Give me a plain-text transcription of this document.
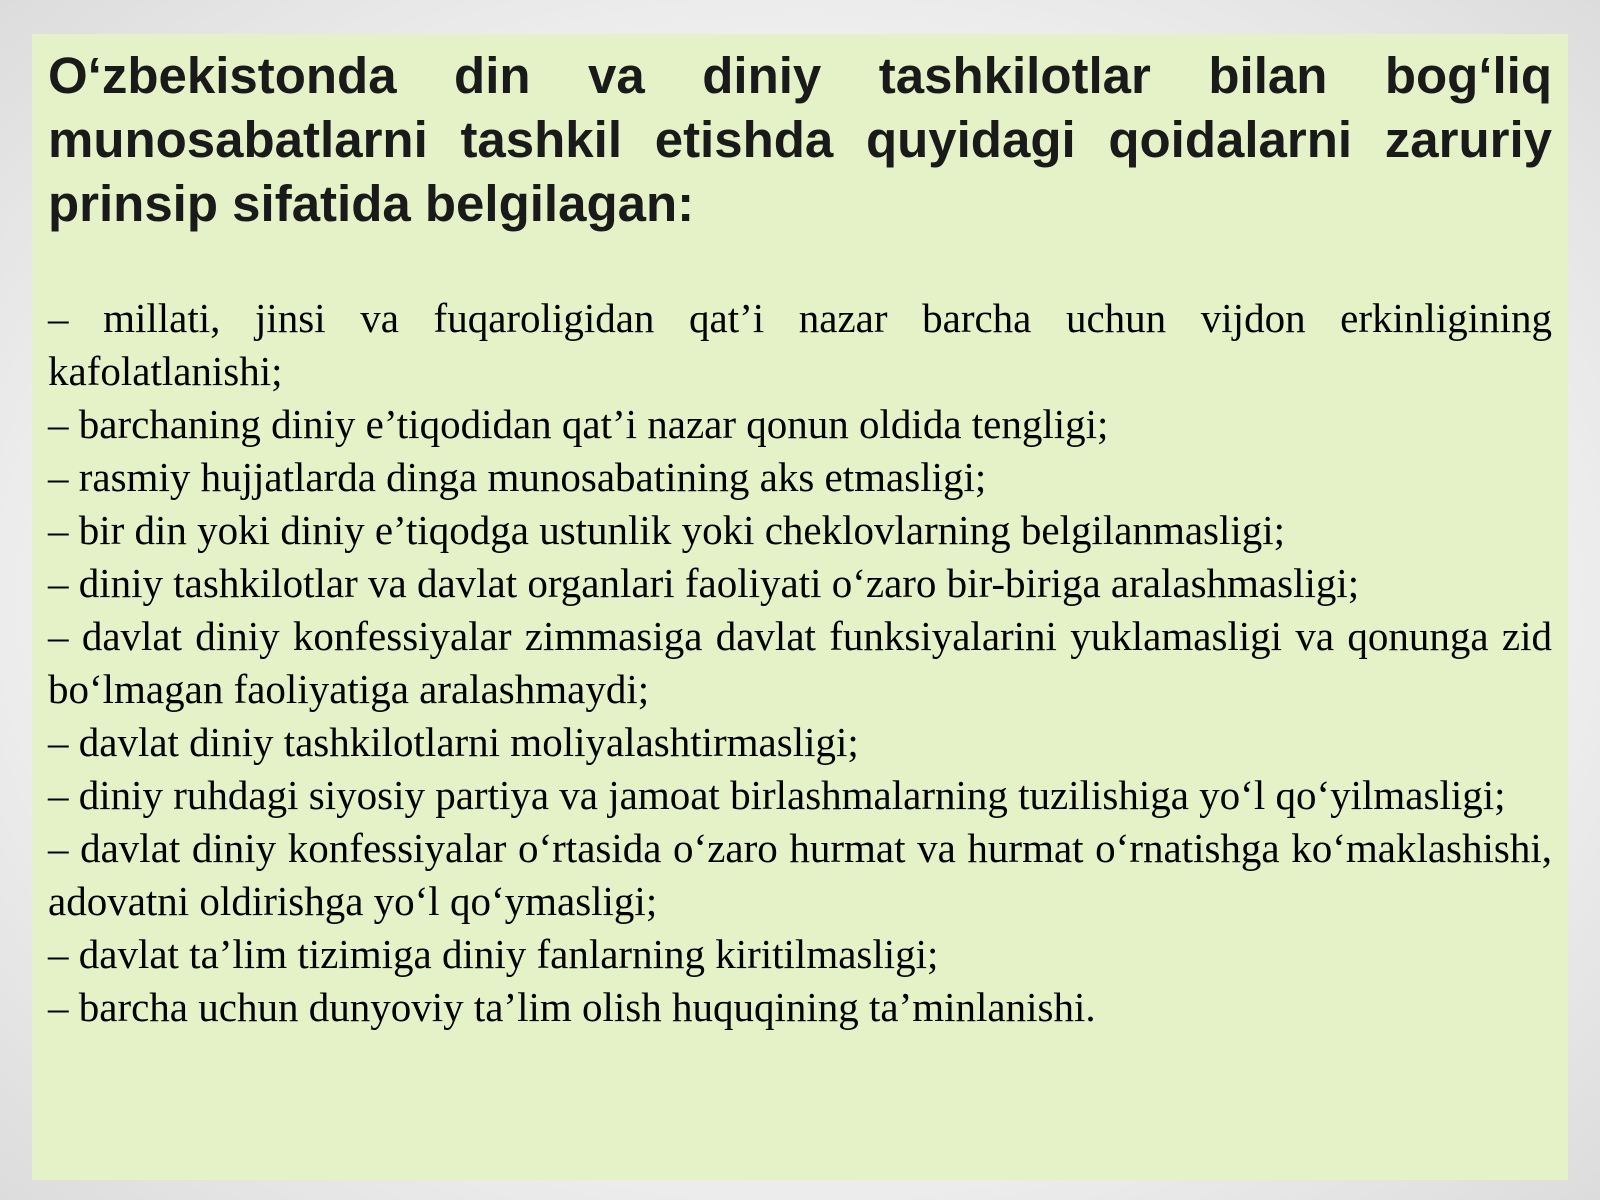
O‘zbekistonda din va diniy tashkilotlar bilan bog‘liq
munosabatlarni tashkil etishda quyidagi qoidalarni zaruriy
prinsip sifatida belgilagan:
– millati, jinsi va fuqaroligidan qat’i nazar barcha uchun vijdon erkinligining kafolatlanishi;
– barchaning diniy e’tiqodidan qat’i nazar qonun oldida tengligi;
– rasmiy hujjatlarda dinga munosabatining aks etmasligi;
– bir din yoki diniy e’tiqodga ustunlik yoki cheklovlarning belgilanmasligi;
– diniy tashkilotlar va davlat organlari faoliyati o‘zaro bir-biriga aralashmasligi;
– davlat diniy konfessiyalar zimmasiga davlat funksiyalarini yuklamasligi va qonunga zid bo‘lmagan faoliyatiga aralashmaydi;
– davlat diniy tashkilotlarni moliyalashtirmasligi;
– diniy ruhdagi siyosiy partiya va jamoat birlashmalarning tuzilishiga yo‘l qo‘yilmasligi;
– davlat diniy konfessiyalar o‘rtasida o‘zaro hurmat va hurmat o‘rnatishga ko‘maklashishi, adovatni oldirishga yo‘l qo‘ymasligi;
– davlat ta’lim tizimiga diniy fanlarning kiritilmasligi;
– barcha uchun dunyoviy ta’lim olish huquqining ta’minlanishi.
